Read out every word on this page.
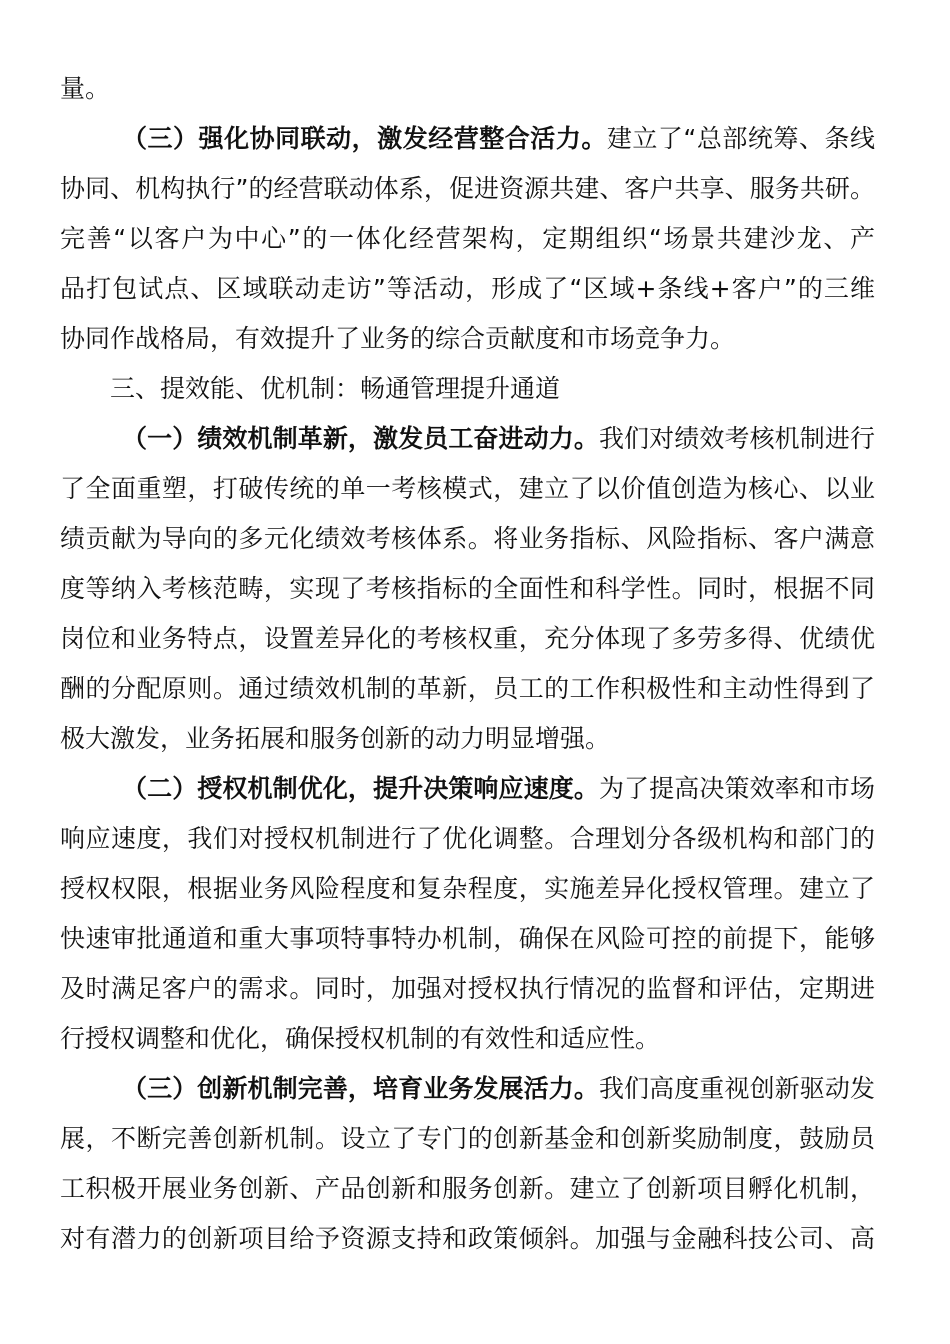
量。
（三）强化协同联动，激发经营整合活力。建立了“总部统筹、条线
协同、机构执行”的经营联动体系，促进资源共建、客户共享、服务共研。
完善“以客户为中心”的一体化经营架构，定期组织“场景共建沙龙、产
品打包试点、区域联动走访”等活动，形成了“区域+条线+客户”的三维
协同作战格局，有效提升了业务的综合贡献度和市场竞争力。
三、提效能、优机制：畅通管理提升通道
（一）绩效机制革新，激发员工奋进动力。我们对绩效考核机制进行
了全面重塑，打破传统的单一考核模式，建立了以价值创造为核心、以业
绩贡献为导向的多元化绩效考核体系。将业务指标、风险指标、客户满意
度等纳入考核范畴，实现了考核指标的全面性和科学性。同时，根据不同
岗位和业务特点，设置差异化的考核权重，充分体现了多劳多得、优绩优
酬的分配原则。通过绩效机制的革新，员工的工作积极性和主动性得到了
极大激发，业务拓展和服务创新的动力明显增强。
（二）授权机制优化，提升决策响应速度。为了提高决策效率和市场
响应速度，我们对授权机制进行了优化调整。合理划分各级机构和部门的
授权权限，根据业务风险程度和复杂程度，实施差异化授权管理。建立了
快速审批通道和重大事项特事特办机制，确保在风险可控的前提下，能够
及时满足客户的需求。同时，加强对授权执行情况的监督和评估，定期进
行授权调整和优化，确保授权机制的有效性和适应性。
（三）创新机制完善，培育业务发展活力。我们高度重视创新驱动发
展，不断完善创新机制。设立了专门的创新基金和创新奖励制度，鼓励员
工积极开展业务创新、产品创新和服务创新。建立了创新项目孵化机制，
对有潜力的创新项目给予资源支持和政策倾斜。加强与金融科技公司、高
